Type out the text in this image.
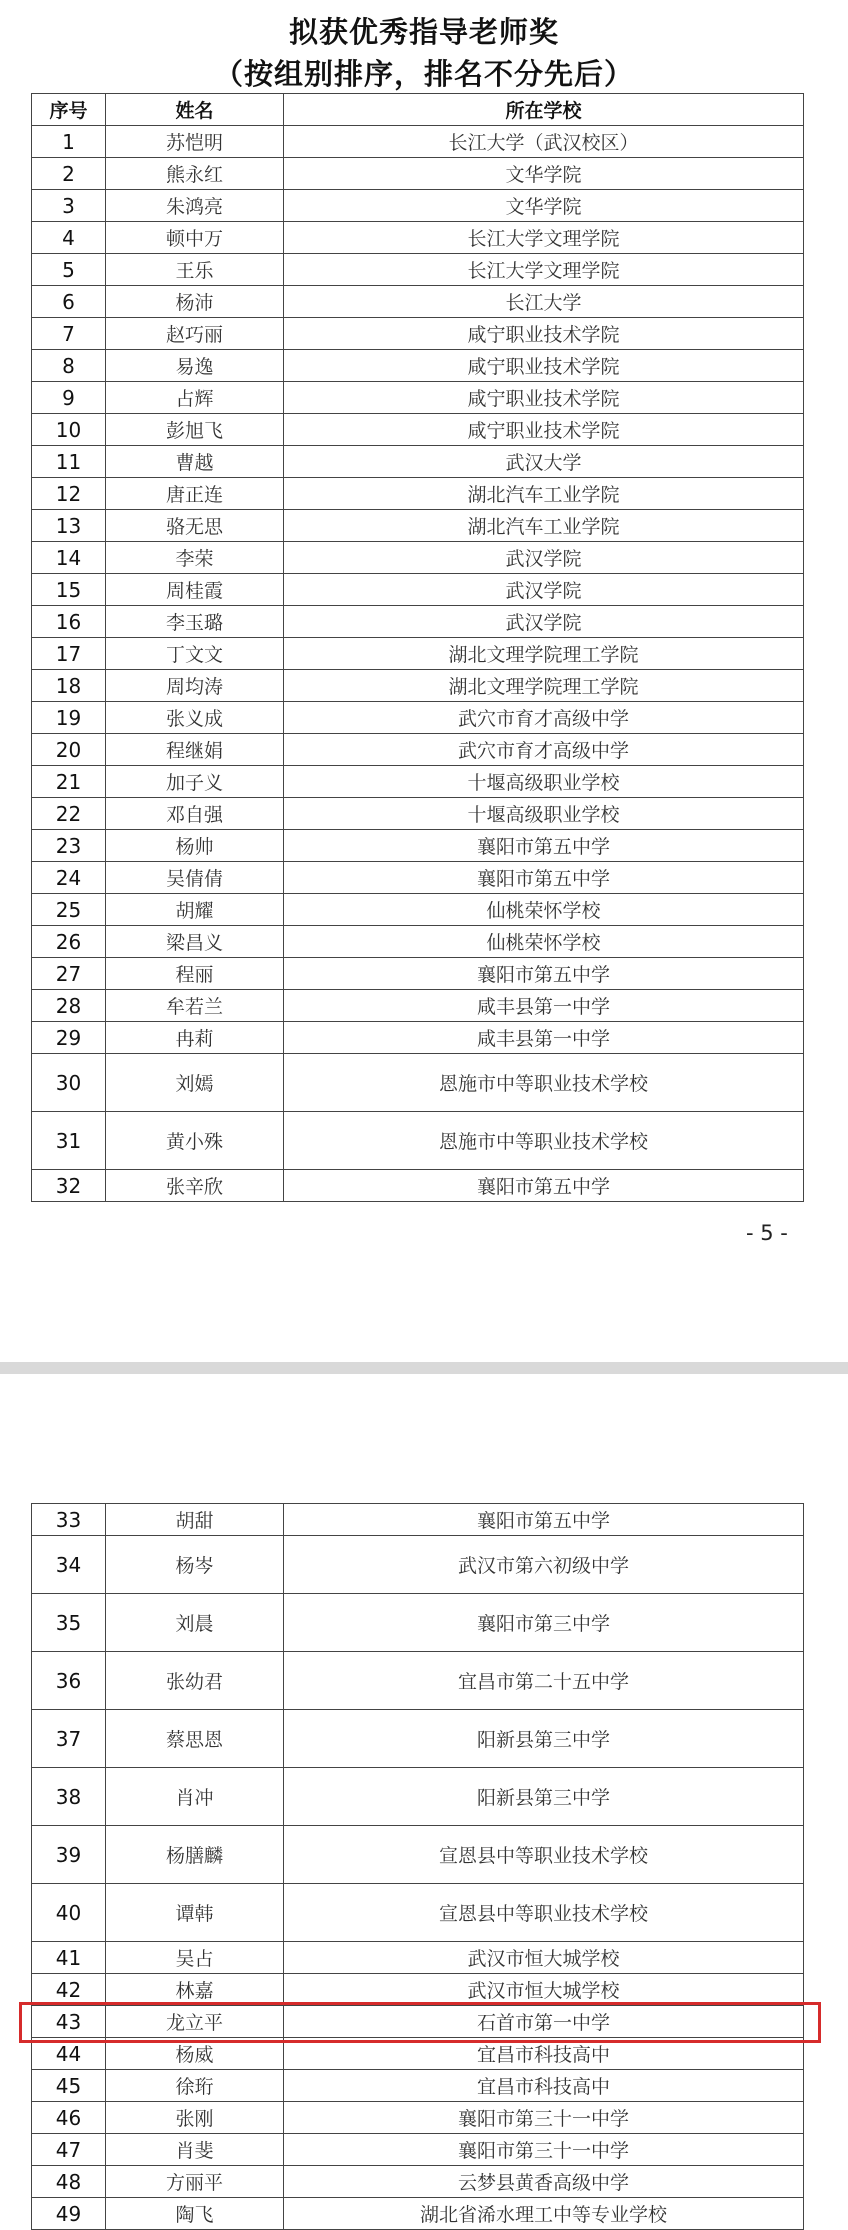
拟获优秀指导老师奖
（按组别排序，排名不分先后）
序号	姓名	所在学校
1	苏恺明	长江大学（武汉校区）
2	熊永红	文华学院
3	朱鸿亮	文华学院
4	顿中万	长江大学文理学院
5	王乐	长江大学文理学院
6	杨沛	长江大学
7	赵巧丽	咸宁职业技术学院
8	易逸	咸宁职业技术学院
9	占辉	咸宁职业技术学院
10	彭旭飞	咸宁职业技术学院
11	曹越	武汉大学
12	唐正连	湖北汽车工业学院
13	骆无思	湖北汽车工业学院
14	李荣	武汉学院
15	周桂霞	武汉学院
16	李玉璐	武汉学院
17	丁文文	湖北文理学院理工学院
18	周均涛	湖北文理学院理工学院
19	张义成	武穴市育才高级中学
20	程继娟	武穴市育才高级中学
21	加子义	十堰高级职业学校
22	邓自强	十堰高级职业学校
23	杨帅	襄阳市第五中学
24	吴倩倩	襄阳市第五中学
25	胡耀	仙桃荣怀学校
26	梁昌义	仙桃荣怀学校
27	程丽	襄阳市第五中学
28	牟若兰	咸丰县第一中学
29	冉莉	咸丰县第一中学
30	刘嫣	恩施市中等职业技术学校
31	黄小殊	恩施市中等职业技术学校
32	张辛欣	襄阳市第五中学
- 5 -
33	胡甜	襄阳市第五中学
34	杨岑	武汉市第六初级中学
35	刘晨	襄阳市第三中学
36	张幼君	宜昌市第二十五中学
37	蔡思恩	阳新县第三中学
38	肖冲	阳新县第三中学
39	杨膳麟	宣恩县中等职业技术学校
40	谭韩	宣恩县中等职业技术学校
41	吴占	武汉市恒大城学校
42	林嘉	武汉市恒大城学校
43	龙立平	石首市第一中学
44	杨威	宜昌市科技高中
45	徐珩	宜昌市科技高中
46	张刚	襄阳市第三十一中学
47	肖斐	襄阳市第三十一中学
48	方丽平	云梦县黄香高级中学
49	陶飞	湖北省浠水理工中等专业学校
